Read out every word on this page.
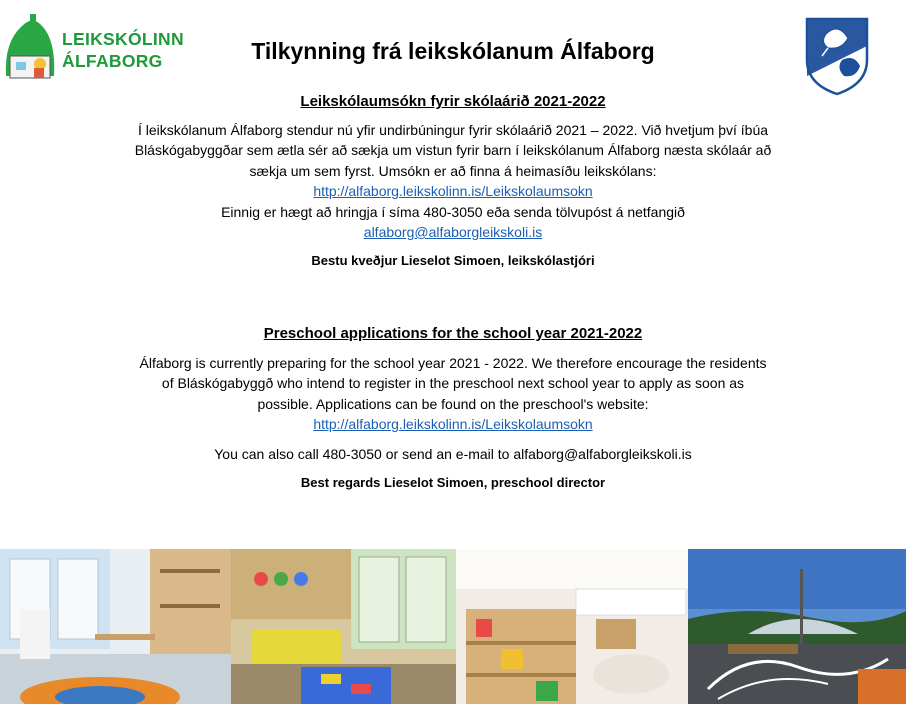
LEIKSKÓLINN
ÁLFABORG	Tilkynning frá leikskólanum Álfaborg
Leikskólaumsókn fyrir skólaárið 2021-2022
Í leikskólanum Álfaborg stendur nú yfir undirbúningur fyrir skólaárið 2021 – 2022. Við hvetjum því íbúa Bláskógabyggðar sem ætla sér að sækja um vistun fyrir barn í leikskólanum Álfaborg næsta skólaár að sækja um sem fyrst. Umsókn er að finna á heimasíðu leikskólans:
http://alfaborg.leikskolinn.is/Leikskolaumsokn
Einnig er hægt að hringja í síma 480-3050 eða senda tölvupóst á netfangið
alfaborg@alfaborgleikskoli.is
Bestu kveðjur Lieselot Simoen, leikskólastjóri
Preschool applications for the school year 2021-2022
Álfaborg is currently preparing for the school year 2021 - 2022. We therefore encourage the residents of Bláskógabyggð who intend to register in the preschool next school year to apply as soon as possible. Applications can be found on the preschool's website:
http://alfaborg.leikskolinn.is/Leikskolaumsokn
You can also call 480-3050 or send an e-mail to alfaborg@alfaborgleikskoli.is
Best regards Lieselot Simoen, preschool director
